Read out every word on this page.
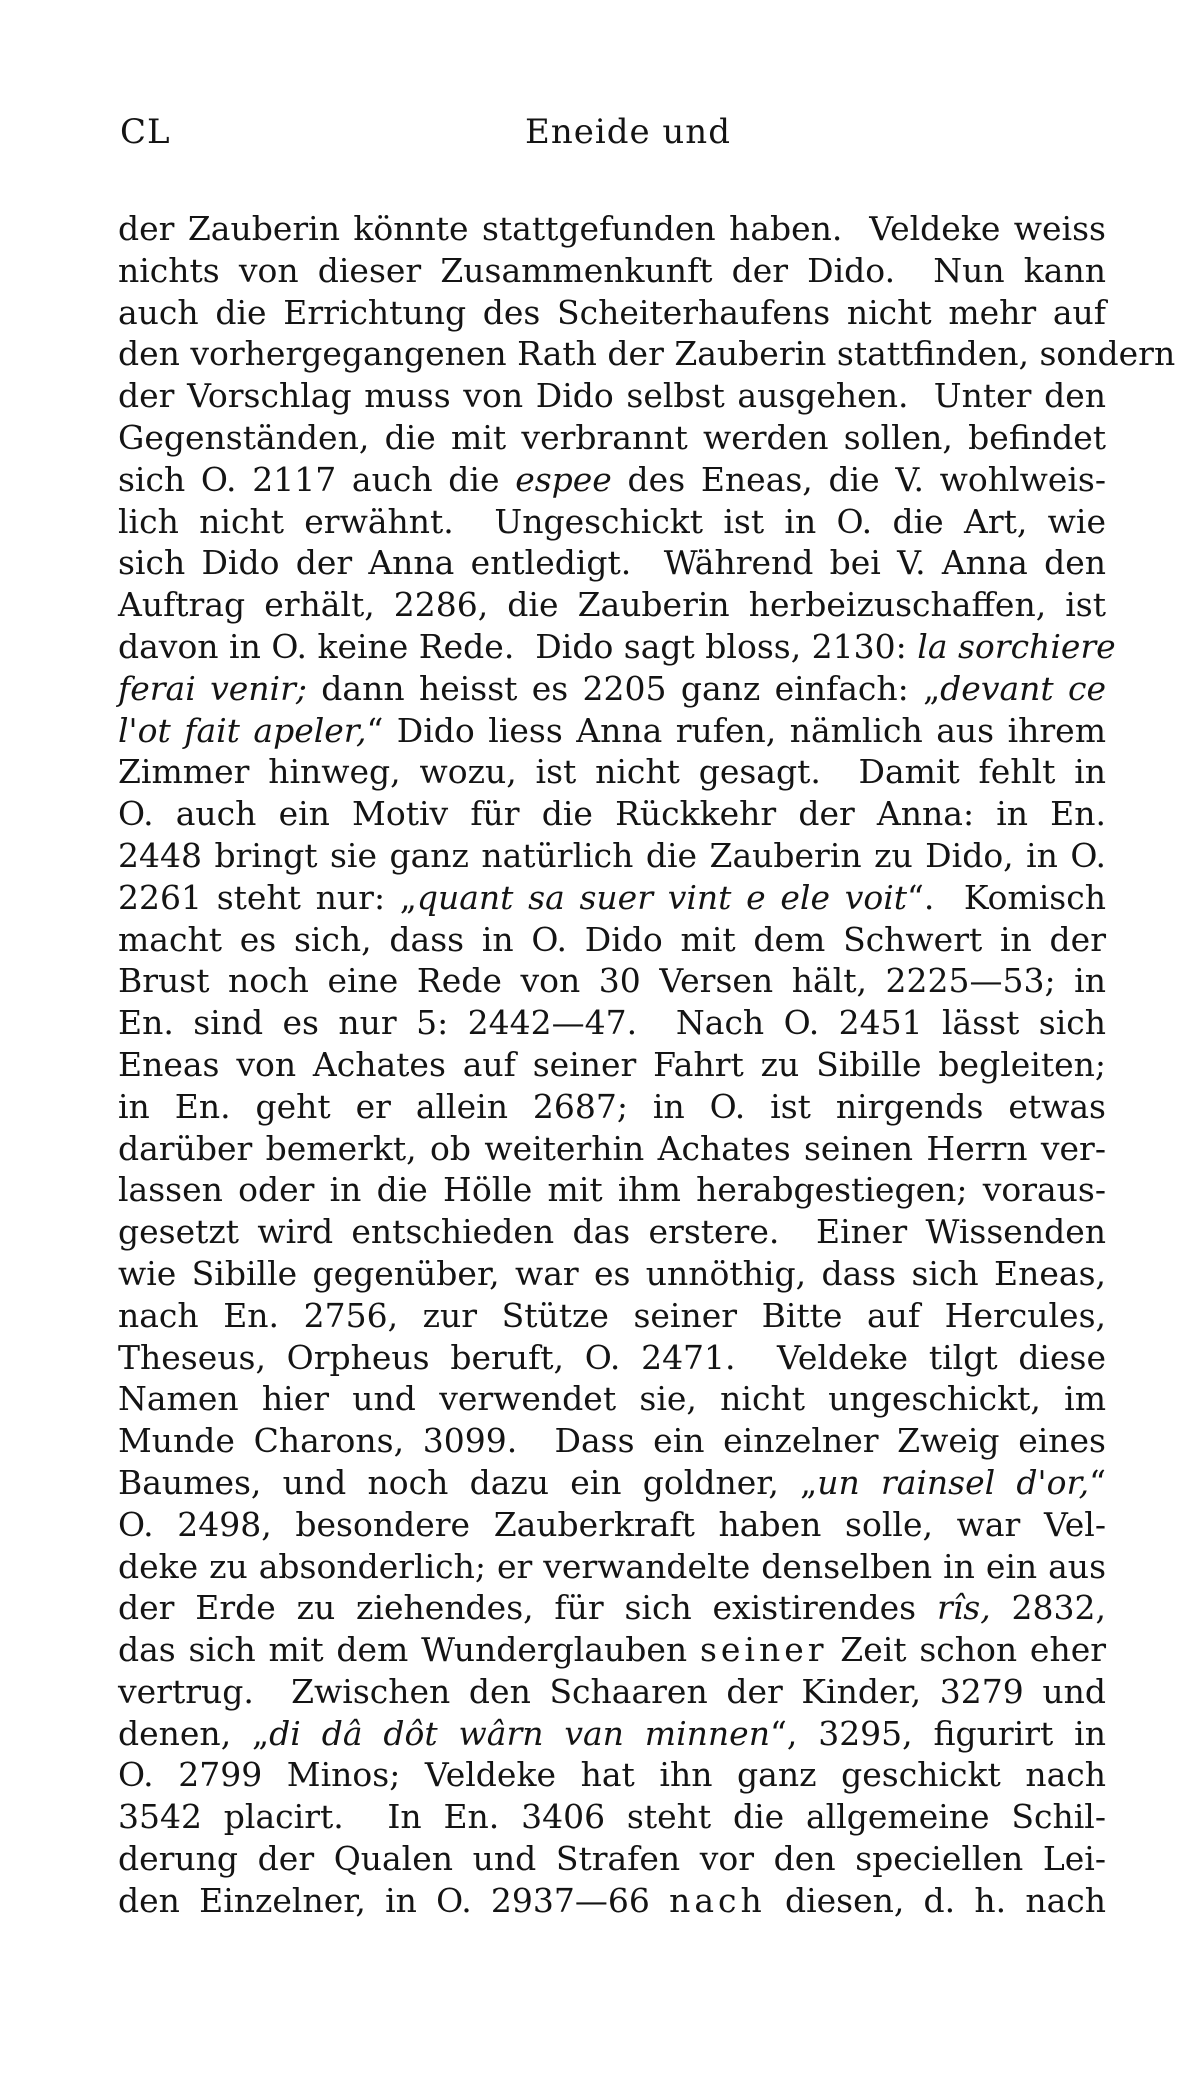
CL	Eneide und
der Zauberin könnte stattgefunden haben.  Veldeke weiss
nichts von dieser Zusammenkunft der Dido.  Nun kann
auch die Errichtung des Scheiterhaufens nicht mehr auf
den vorhergegangenen Rath der Zauberin stattfinden, sondern
der Vorschlag muss von Dido selbst ausgehen.  Unter den
Gegenständen, die mit verbrannt werden sollen, befindet
sich O. 2117 auch die espee des Eneas, die V. wohlweis-
lich nicht erwähnt.  Ungeschickt ist in O. die Art, wie
sich Dido der Anna entledigt.  Während bei V. Anna den
Auftrag erhält, 2286, die Zauberin herbeizuschaffen, ist
davon in O. keine Rede.  Dido sagt bloss, 2130: la sorchiere
ferai venir; dann heisst es 2205 ganz einfach: „devant ce
l'ot fait apeler,“ Dido liess Anna rufen, nämlich aus ihrem
Zimmer hinweg, wozu, ist nicht gesagt.  Damit fehlt in
O. auch ein Motiv für die Rückkehr der Anna: in En.
2448 bringt sie ganz natürlich die Zauberin zu Dido, in O.
2261 steht nur: „quant sa suer vint e ele voit“.  Komisch
macht es sich, dass in O. Dido mit dem Schwert in der
Brust noch eine Rede von 30 Versen hält, 2225—53; in
En. sind es nur 5: 2442—47.  Nach O. 2451 lässt sich
Eneas von Achates auf seiner Fahrt zu Sibille begleiten;
in En. geht er allein 2687; in O. ist nirgends etwas
darüber bemerkt, ob weiterhin Achates seinen Herrn ver-
lassen oder in die Hölle mit ihm herabgestiegen; voraus-
gesetzt wird entschieden das erstere.  Einer Wissenden
wie Sibille gegenüber, war es unnöthig, dass sich Eneas,
nach En. 2756, zur Stütze seiner Bitte auf Hercules,
Theseus, Orpheus beruft, O. 2471.  Veldeke tilgt diese
Namen hier und verwendet sie, nicht ungeschickt, im
Munde Charons, 3099.  Dass ein einzelner Zweig eines
Baumes, und noch dazu ein goldner, „un rainsel d'or,“
O. 2498, besondere Zauberkraft haben solle, war Vel-
deke zu absonderlich; er verwandelte denselben in ein aus
der Erde zu ziehendes, für sich existirendes rîs, 2832,
das sich mit dem Wunderglauben seiner Zeit schon eher
vertrug.  Zwischen den Schaaren der Kinder, 3279 und
denen, „di dâ dôt wârn van minnen“, 3295, figurirt in
O. 2799 Minos; Veldeke hat ihn ganz geschickt nach
3542 placirt.  In En. 3406 steht die allgemeine Schil-
derung der Qualen und Strafen vor den speciellen Lei-
den Einzelner, in O. 2937—66 nach diesen, d. h. nach
